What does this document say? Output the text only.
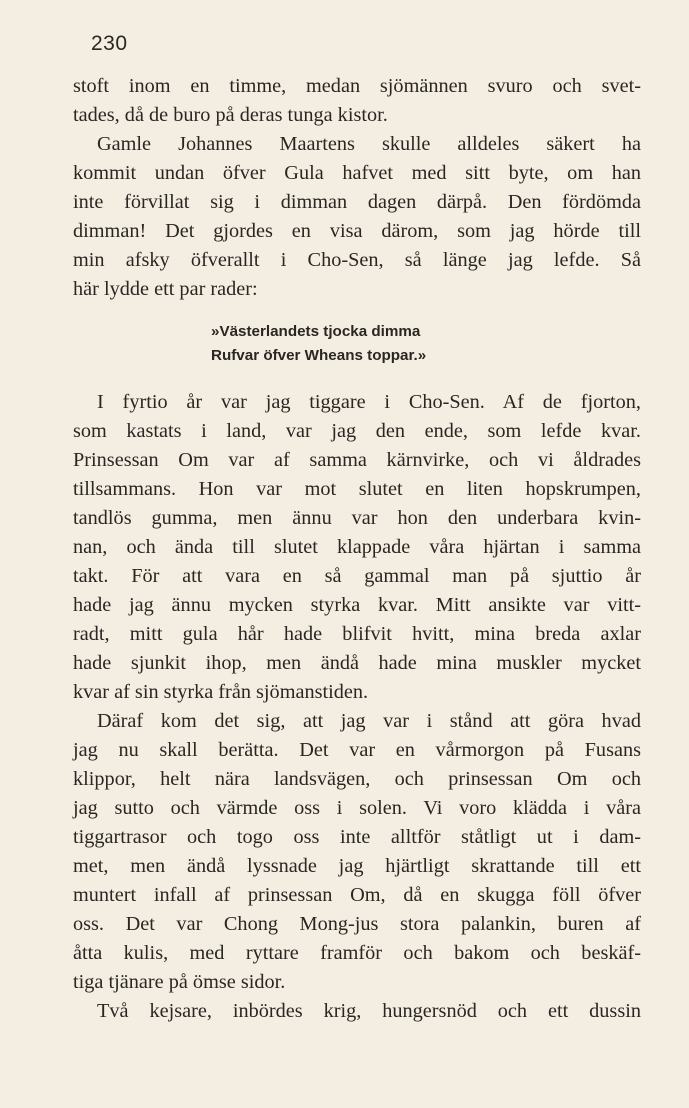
230
stoft inom en timme, medan sjömännen svuro och svet-
tades, då de buro på deras tunga kistor.
Gamle Johannes Maartens skulle alldeles säkert ha
kommit undan öfver Gula hafvet med sitt byte, om han
inte förvillat sig i dimman dagen därpå. Den fördömda
dimman! Det gjordes en visa därom, som jag hörde till
min afsky öfverallt i Cho-Sen, så länge jag lefde. Så
här lydde ett par rader:
»Västerlandets tjocka dimma
Rufvar öfver Wheans toppar.»
I fyrtio år var jag tiggare i Cho-Sen. Af de fjorton,
som kastats i land, var jag den ende, som lefde kvar.
Prinsessan Om var af samma kärnvirke, och vi åldrades
tillsammans. Hon var mot slutet en liten hopskrumpen,
tandlös gumma, men ännu var hon den underbara kvin-
nan, och ända till slutet klappade våra hjärtan i samma
takt. För att vara en så gammal man på sjuttio år
hade jag ännu mycken styrka kvar. Mitt ansikte var vitt-
radt, mitt gula hår hade blifvit hvitt, mina breda axlar
hade sjunkit ihop, men ändå hade mina muskler mycket
kvar af sin styrka från sjömanstiden.
Däraf kom det sig, att jag var i stånd att göra hvad
jag nu skall berätta. Det var en vårmorgon på Fusans
klippor, helt nära landsvägen, och prinsessan Om och
jag sutto och värmde oss i solen. Vi voro klädda i våra
tiggartrasor och togo oss inte alltför ståtligt ut i dam-
met, men ändå lyssnade jag hjärtligt skrattande till ett
muntert infall af prinsessan Om, då en skugga föll öfver
oss. Det var Chong Mong-jus stora palankin, buren af
åtta kulis, med ryttare framför och bakom och beskäf-
tiga tjänare på ömse sidor.
Två kejsare, inbördes krig, hungersnöd och ett dussin
